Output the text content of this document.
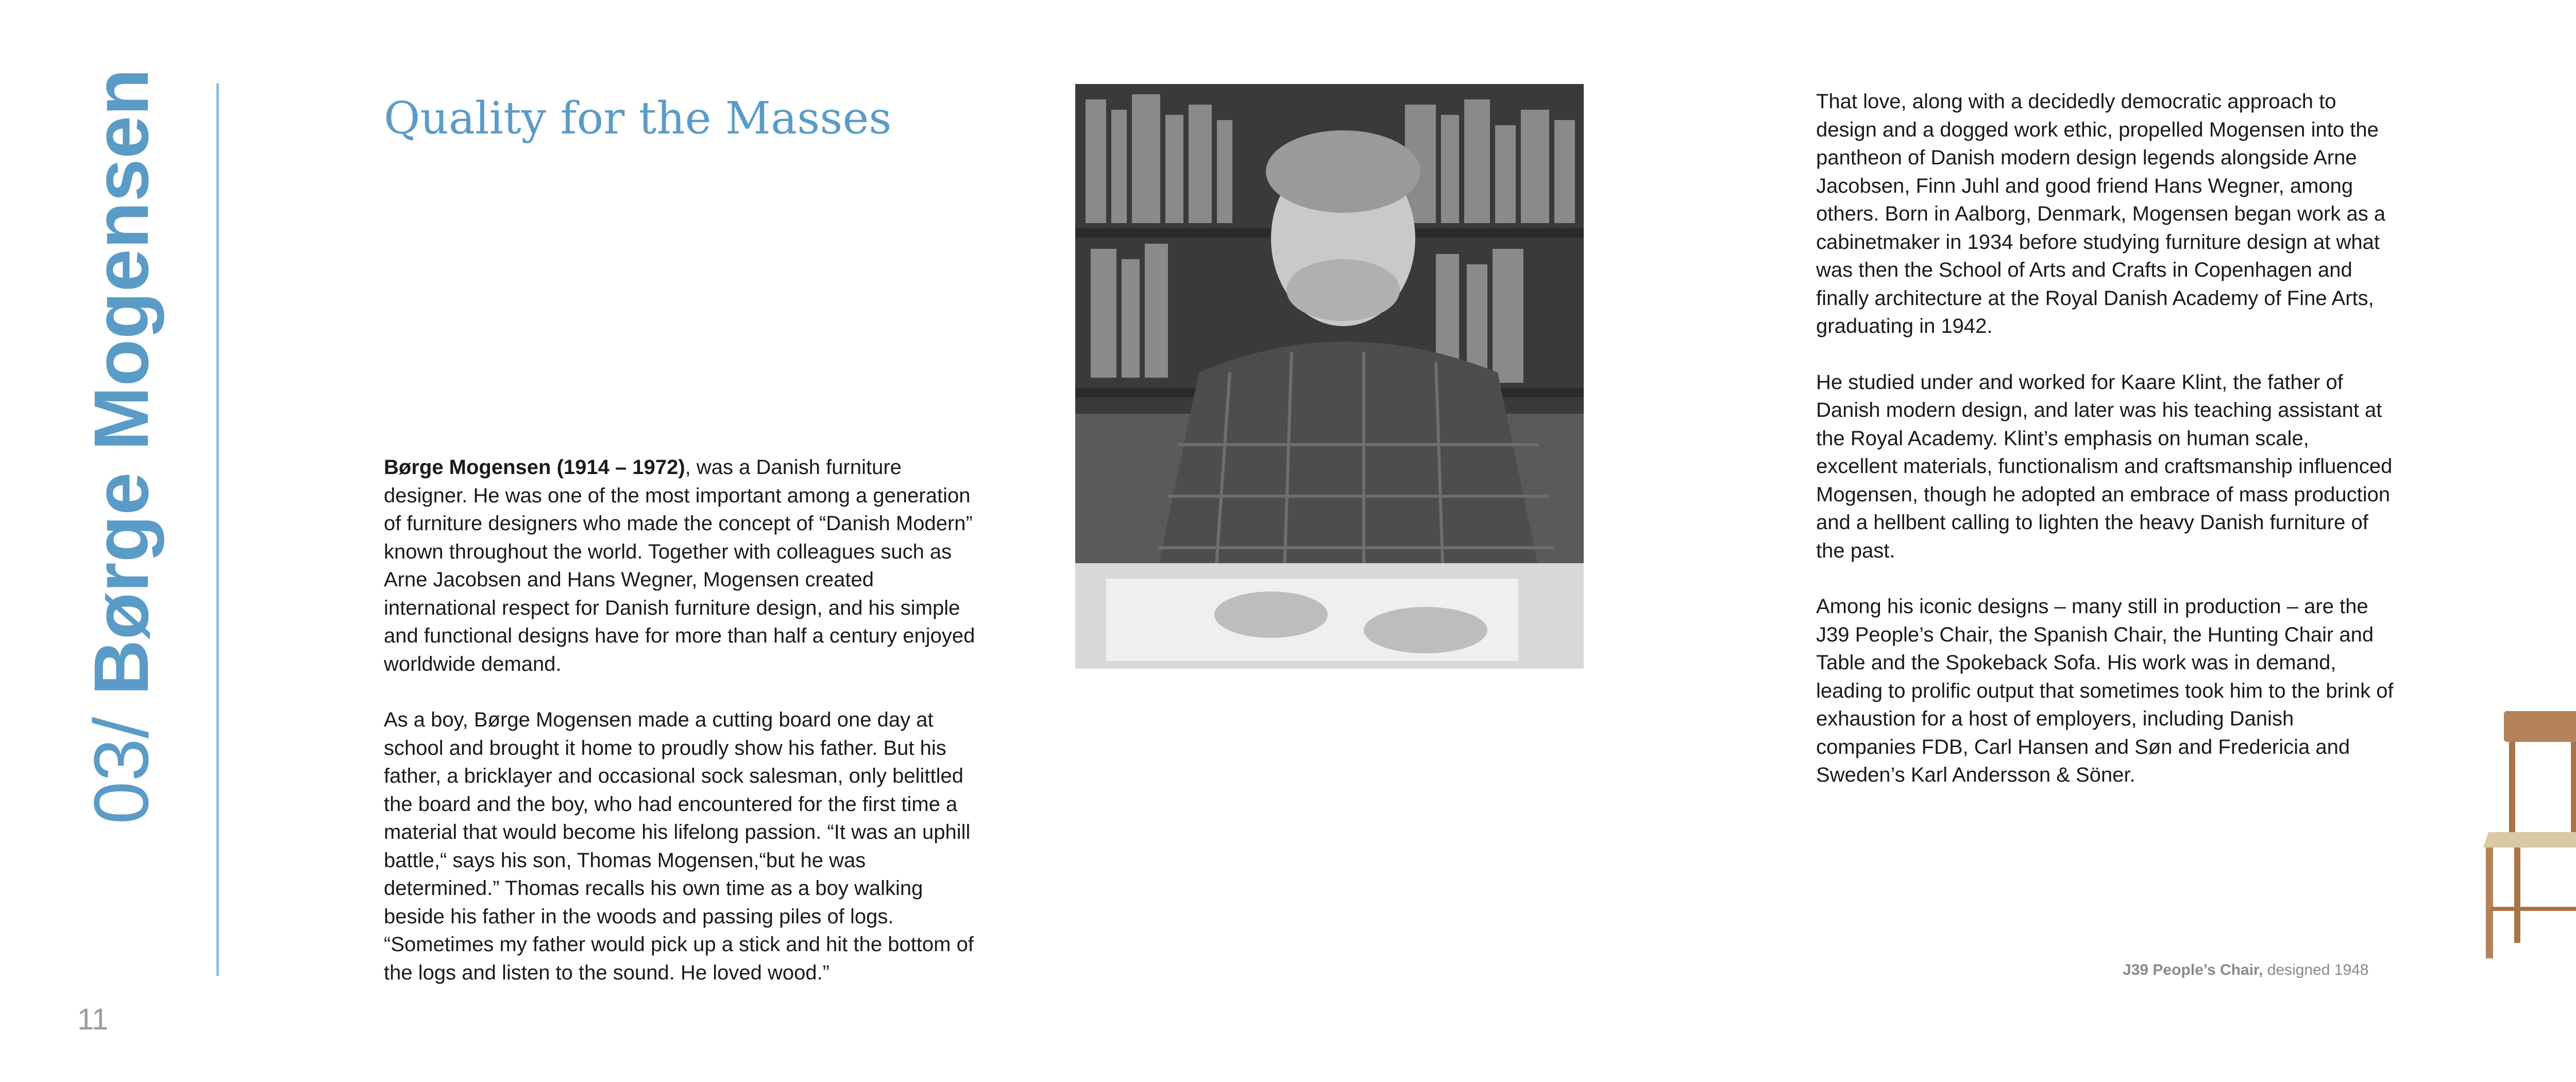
03/ Børge Mogensen	Quality for the Masses

Børge Mogensen (1914 – 1972), was a Danish furniture designer. He was one of the most important among a generation of furniture designers who made the concept of “Danish Modern” known throughout the world. Together with colleagues such as Arne Jacobsen and Hans Wegner, Mogensen created international respect for Danish furniture design, and his simple and functional designs have for more than half a century enjoyed worldwide demand.

As a boy, Børge Mogensen made a cutting board one day at school and brought it home to proudly show his father. But his father, a bricklayer and occasional sock salesman, only belittled the board and the boy, who had encountered for the first time a material that would become his lifelong passion. “It was an uphill battle,“ says his son, Thomas Mogensen,“but he was determined.” Thomas recalls his own time as a boy walking beside his father in the woods and passing piles of logs. “Sometimes my father would pick up a stick and hit the bottom of the logs and listen to the sound. He loved wood.”

11

That love, along with a decidedly democratic approach to design and a dogged work ethic, propelled Mogensen into the pantheon of Danish modern design legends alongside Arne Jacobsen, Finn Juhl and good friend Hans Wegner, among others. Born in Aalborg, Denmark, Mogensen began work as a cabinetmaker in 1934 before studying furniture design at what was then the School of Arts and Crafts in Copenhagen and finally architecture at the Royal Danish Academy of Fine Arts, graduating in 1942.

He studied under and worked for Kaare Klint, the father of Danish modern design, and later was his teaching assistant at the Royal Academy. Klint’s emphasis on human scale, excellent materials, functionalism and craftsmanship influenced Mogensen, though he adopted an embrace of mass production and a hellbent calling to lighten the heavy Danish furniture of the past.

Among his iconic designs – many still in production – are the J39 People’s Chair, the Spanish Chair, the Hunting Chair and Table and the Spokeback Sofa. His work was in demand, leading to prolific output that sometimes took him to the brink of exhaustion for a host of employers, including Danish companies FDB, Carl Hansen and Søn and Fredericia and Sweden’s Karl Andersson & Söner.

J39 People’s Chair, designed 1948
